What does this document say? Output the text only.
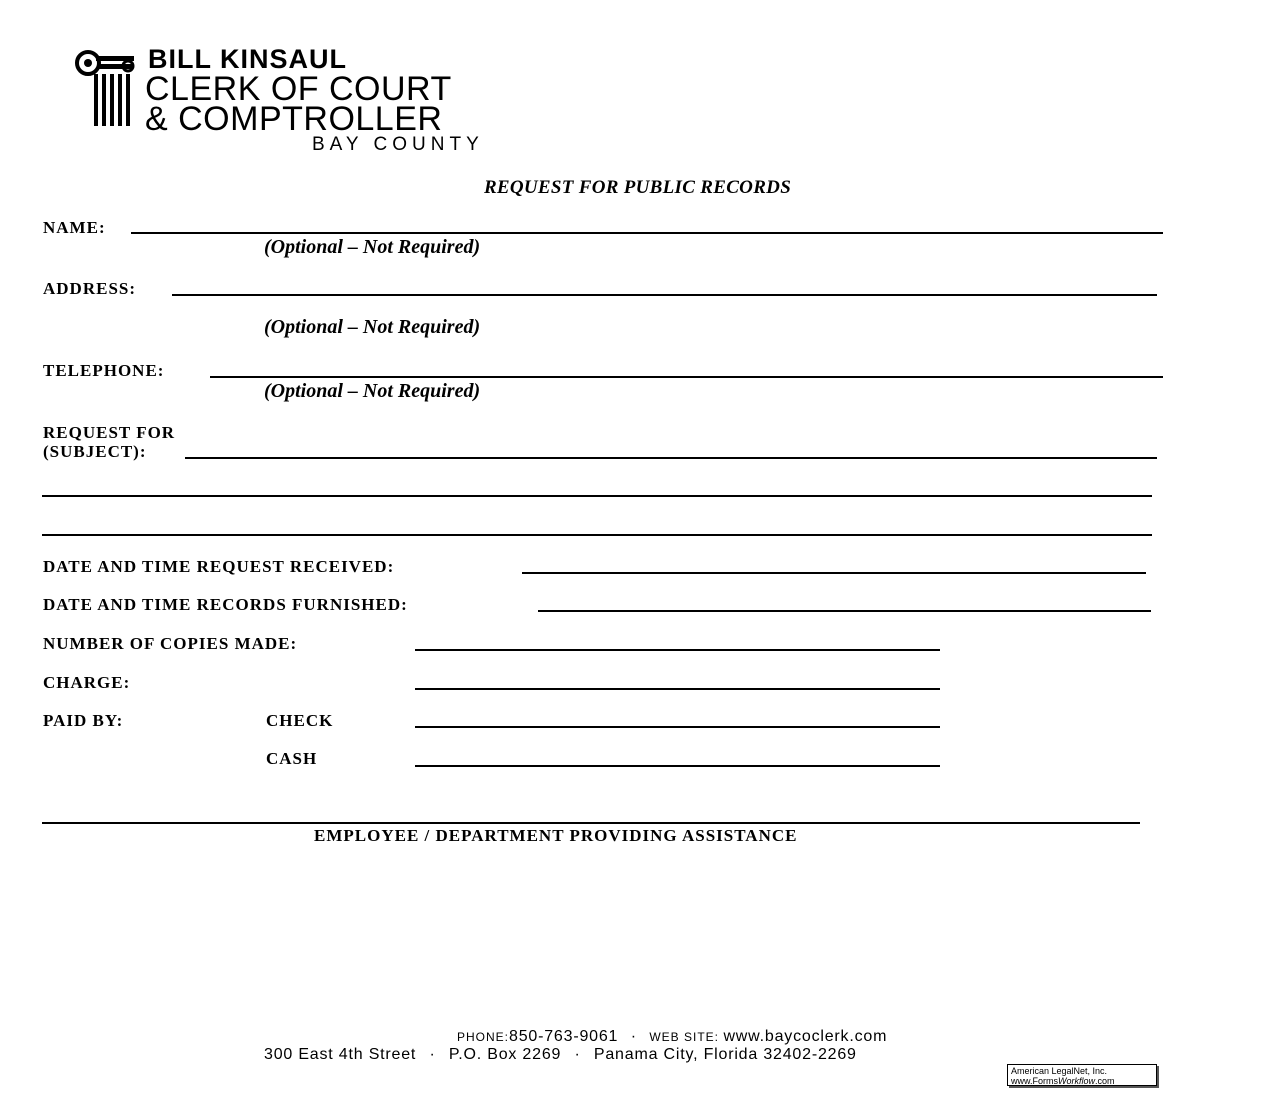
BILL KINSAUL
CLERK OF COURT
& COMPTROLLER
BAY COUNTY
REQUEST FOR PUBLIC RECORDS
NAME:
(Optional – Not Required)
ADDRESS:
(Optional – Not Required)
TELEPHONE:
(Optional – Not Required)
REQUEST FOR
(SUBJECT):
DATE AND TIME REQUEST RECEIVED:
DATE AND TIME RECORDS FURNISHED:
NUMBER OF COPIES MADE:
CHARGE:
PAID BY:	CHECK
CASH
EMPLOYEE / DEPARTMENT PROVIDING ASSISTANCE
PHONE:850-763-9061 · WEB SITE: www.baycoclerk.com
300 East 4th Street · P.O. Box 2269 · Panama City, Florida 32402-2269
American LegalNet, Inc.
www.FormsWorkflow.com
